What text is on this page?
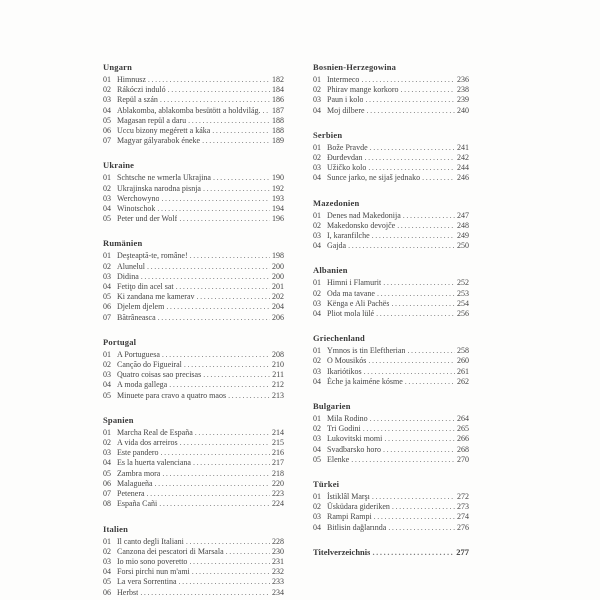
Ungarn
01 Himnusz .....	182
02 Rákóczi induló .....	184
03 Repül a szán .....	186
04 Ablakomba, ablakomba besütött a holdvilág. ..... 187
05 Magasan repül a daru .....	188
06 Uccu bizony megérett a káka .....	188
07 Magyar gályarabok éneke .....	189
Ukraine
01 Schtsche ne wmerla Ukrajina .....	190
02 Ukrajinska narodna pisnja .....	192
03 Werchowyno .....	193
04 Winotschok .....	194
05 Peter und der Wolf .....	196
Rumänien
01 Deşteaptă-te, române! .....	198
02 Alunelul .....	200
03 Didina .....	200
04 Fetiţo din acel sat .....	201
05 Ki zandana me kamerav .....	202
06 Djelem djelem .....	204
07 Bătrâneasca .....	206
Portugal
01 A Portuguesa .....	208
02 Canção do Figueiral .....	210
03 Quatro coisas sao precisas .....	211
04 A moda gallega .....	212
05 Minuete para cravo a quatro maos .....	213
Spanien
01 Marcha Real de España .....	214
02 A vida dos arreiros .....	215
03 Este pandero .....	216
04 Es la huerta valenciana .....	217
05 Zambra mora .....	218
06 Malagueña .....	220
07 Petenera .....	223
08 España Cañi .....	224
Italien
01 Il canto degli Italiani .....	228
02 Canzona dei pescatori di Marsala .....	230
03 Io mio sono poveretto .....	231
04 Forsi pirchi nun m'ami .....	232
05 La vera Sorrentina .....	233
06 Herbst .....	234
Bosnien-Herzegowina
01 Intermeco .....	236
02 Phirav mange korkoro .....	238
03 Paun i kolo .....	239
04 Moj dilbere .....	240
Serbien
01 Bože Pravde .....	241
02 Đurđevdan .....	242
03 Užičko kolo .....	244
04 Sunce jarko, ne sijaš jednako .....	246
Mazedonien
01 Denes nad Makedonija .....	247
02 Makedonsko devojče .....	248
03 I, karanfilche .....	249
04 Gajda .....	250
Albanien
01 Himni i Flamurit .....	252
02 Oda ma tavane .....	253
03 Kënga e Ali Pachës .....	254
04 Pliot mola lülé .....	256
Griechenland
01 Ymnos is tin Eleftherian .....	258
02 O Mousikós .....	260
03 Ikariótikos .....	261
04 Éche ja kaiméne kósme .....	262
Bulgarien
01 Mila Rodino .....	264
02 Tri Godini .....	265
03 Lukovitski momi .....	266
04 Svadbarsko horo .....	268
05 Elenke .....	270
Türkei
01 İstiklâl Marşı .....	272
02 Üsküdara gideriken .....	273
03 Rampi Rampi .....	274
04 Bitlisin dağlarında .....	276
Titelverzeichnis .....	277
